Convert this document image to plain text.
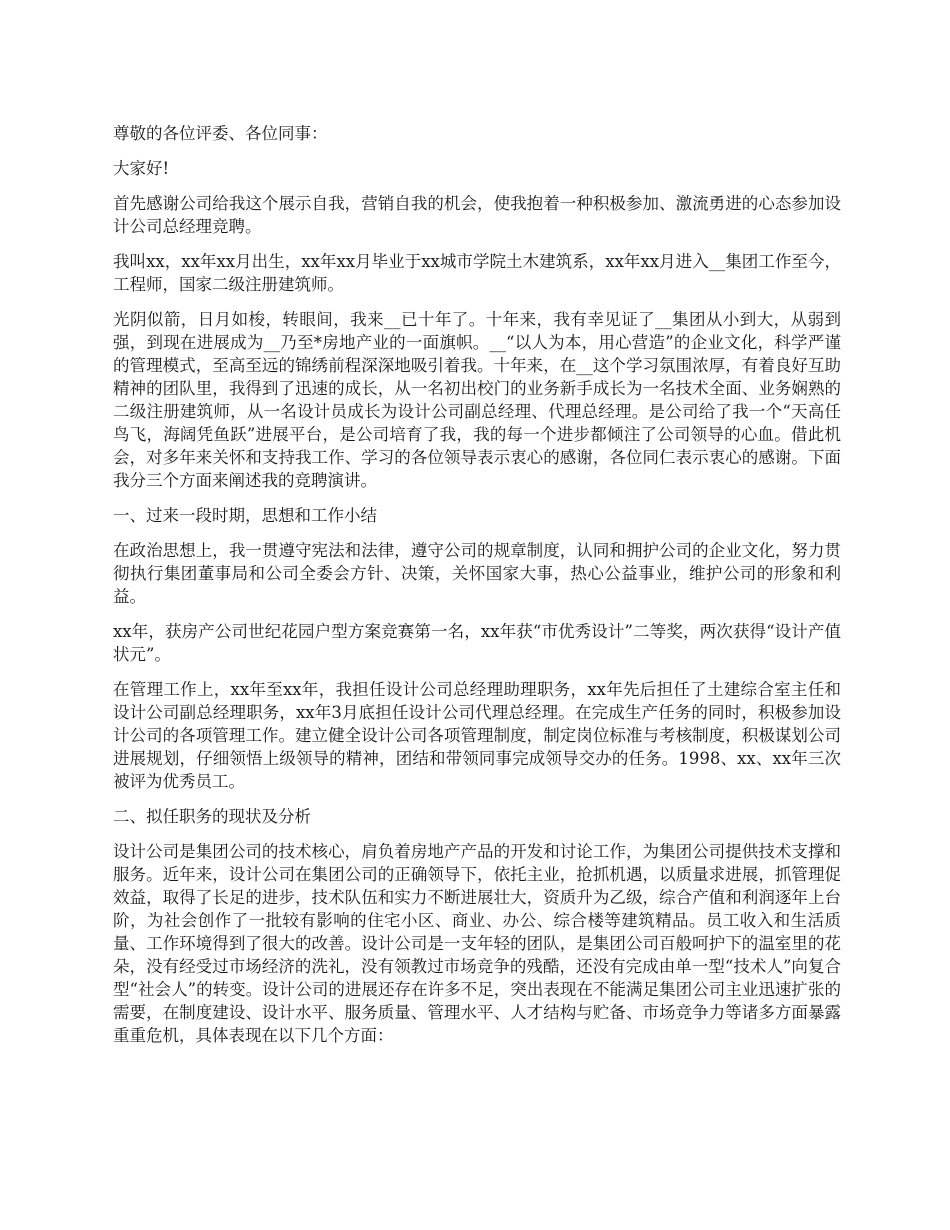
尊敬的各位评委、各位同事：

大家好!

首先感谢公司给我这个展示自我，营销自我的机会，使我抱着一种积极参加、激流勇进的心态参加设计公司总经理竞聘。

我叫xx，xx年xx月出生，xx年xx月毕业于xx城市学院土木建筑系，xx年xx月进入__集团工作至今，工程师，国家二级注册建筑师。

光阴似箭，日月如梭，转眼间，我来__已十年了。十年来，我有幸见证了__集团从小到大，从弱到强，到现在进展成为__乃至*房地产业的一面旗帜。__“以人为本，用心营造”的企业文化，科学严谨的管理模式，至高至远的锦绣前程深深地吸引着我。十年来，在__这个学习氛围浓厚，有着良好互助精神的团队里，我得到了迅速的成长，从一名初出校门的业务新手成长为一名技术全面、业务娴熟的二级注册建筑师，从一名设计员成长为设计公司副总经理、代理总经理。是公司给了我一个“天高任鸟飞，海阔凭鱼跃”进展平台，是公司培育了我，我的每一个进步都倾注了公司领导的心血。借此机会，对多年来关怀和支持我工作、学习的各位领导表示衷心的感谢，各位同仁表示衷心的感谢。下面我分三个方面来阐述我的竞聘演讲。

一、过来一段时期，思想和工作小结

在政治思想上，我一贯遵守宪法和法律，遵守公司的规章制度，认同和拥护公司的企业文化，努力贯彻执行集团董事局和公司全委会方针、决策，关怀国家大事，热心公益事业，维护公司的形象和利益。

xx年，获房产公司世纪花园户型方案竞赛第一名，xx年获“市优秀设计”二等奖，两次获得“设计产值状元”。

在管理工作上，xx年至xx年，我担任设计公司总经理助理职务，xx年先后担任了土建综合室主任和设计公司副总经理职务，xx年3月底担任设计公司代理总经理。在完成生产任务的同时，积极参加设计公司的各项管理工作。建立健全设计公司各项管理制度，制定岗位标准与考核制度，积极谋划公司进展规划，仔细领悟上级领导的精神，团结和带领同事完成领导交办的任务。1998、xx、xx年三次被评为优秀员工。

二、拟任职务的现状及分析

设计公司是集团公司的技术核心，肩负着房地产产品的开发和讨论工作，为集团公司提供技术支撑和服务。近年来，设计公司在集团公司的正确领导下，依托主业，抢抓机遇，以质量求进展，抓管理促效益，取得了长足的进步，技术队伍和实力不断进展壮大，资质升为乙级，综合产值和利润逐年上台阶，为社会创作了一批较有影响的住宅小区、商业、办公、综合楼等建筑精品。员工收入和生活质量、工作环境得到了很大的改善。设计公司是一支年轻的团队，是集团公司百般呵护下的温室里的花朵，没有经受过市场经济的洗礼，没有领教过市场竞争的残酷，还没有完成由单一型“技术人”向复合型“社会人”的转变。设计公司的进展还存在许多不足，突出表现在不能满足集团公司主业迅速扩张的需要，在制度建设、设计水平、服务质量、管理水平、人才结构与贮备、市场竞争力等诸多方面暴露重重危机，具体表现在以下几个方面：
